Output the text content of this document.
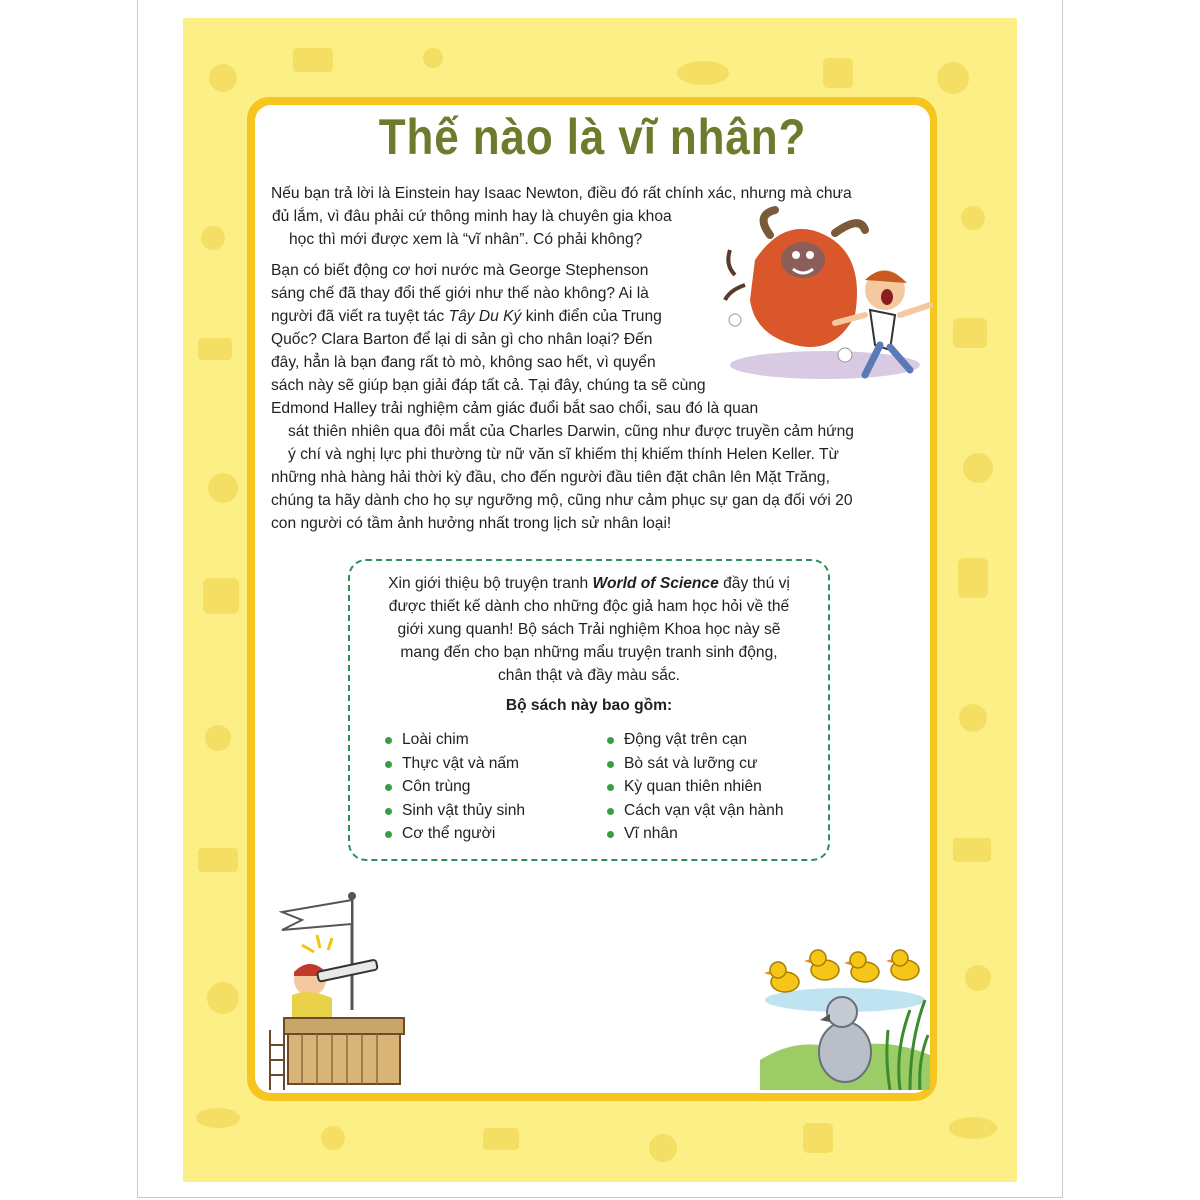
Thế nào là vĩ nhân?
Nếu bạn trả lời là Einstein hay Isaac Newton, điều đó rất chính xác, nhưng mà chưa
đủ lắm, vì đâu phải cứ thông minh hay là chuyên gia khoa
học thì mới được xem là “vĩ nhân”. Có phải không?
Bạn có biết động cơ hơi nước mà George Stephenson
sáng chế đã thay đổi thế giới như thế nào không? Ai là
người đã viết ra tuyệt tác Tây Du Ký kinh điển của Trung
Quốc? Clara Barton để lại di sản gì cho nhân loại? Đến
đây, hẳn là bạn đang rất tò mò, không sao hết, vì quyển
sách này sẽ giúp bạn giải đáp tất cả. Tại đây, chúng ta sẽ cùng
Edmond Halley trải nghiệm cảm giác đuổi bắt sao chổi, sau đó là quan
sát thiên nhiên qua đôi mắt của Charles Darwin, cũng như được truyền cảm hứng
ý chí và nghị lực phi thường từ nữ văn sĩ khiếm thị khiếm thính Helen Keller. Từ
những nhà hàng hải thời kỳ đầu, cho đến người đầu tiên đặt chân lên Mặt Trăng,
chúng ta hãy dành cho họ sự ngưỡng mộ, cũng như cảm phục sự gan dạ đối với 20
con người có tầm ảnh hưởng nhất trong lịch sử nhân loại!
Xin giới thiệu bộ truyện tranh World of Science đầy thú vị
được thiết kế dành cho những độc giả ham học hỏi về thế
giới xung quanh! Bộ sách Trải nghiệm Khoa học này sẽ
mang đến cho bạn những mẩu truyện tranh sinh động,
chân thật và đầy màu sắc.
Bộ sách này bao gồm:
Loài chim
Thực vật và nấm
Côn trùng
Sinh vật thủy sinh
Cơ thể người
Động vật trên cạn
Bò sát và lưỡng cư
Kỳ quan thiên nhiên
Cách vạn vật vận hành
Vĩ nhân
